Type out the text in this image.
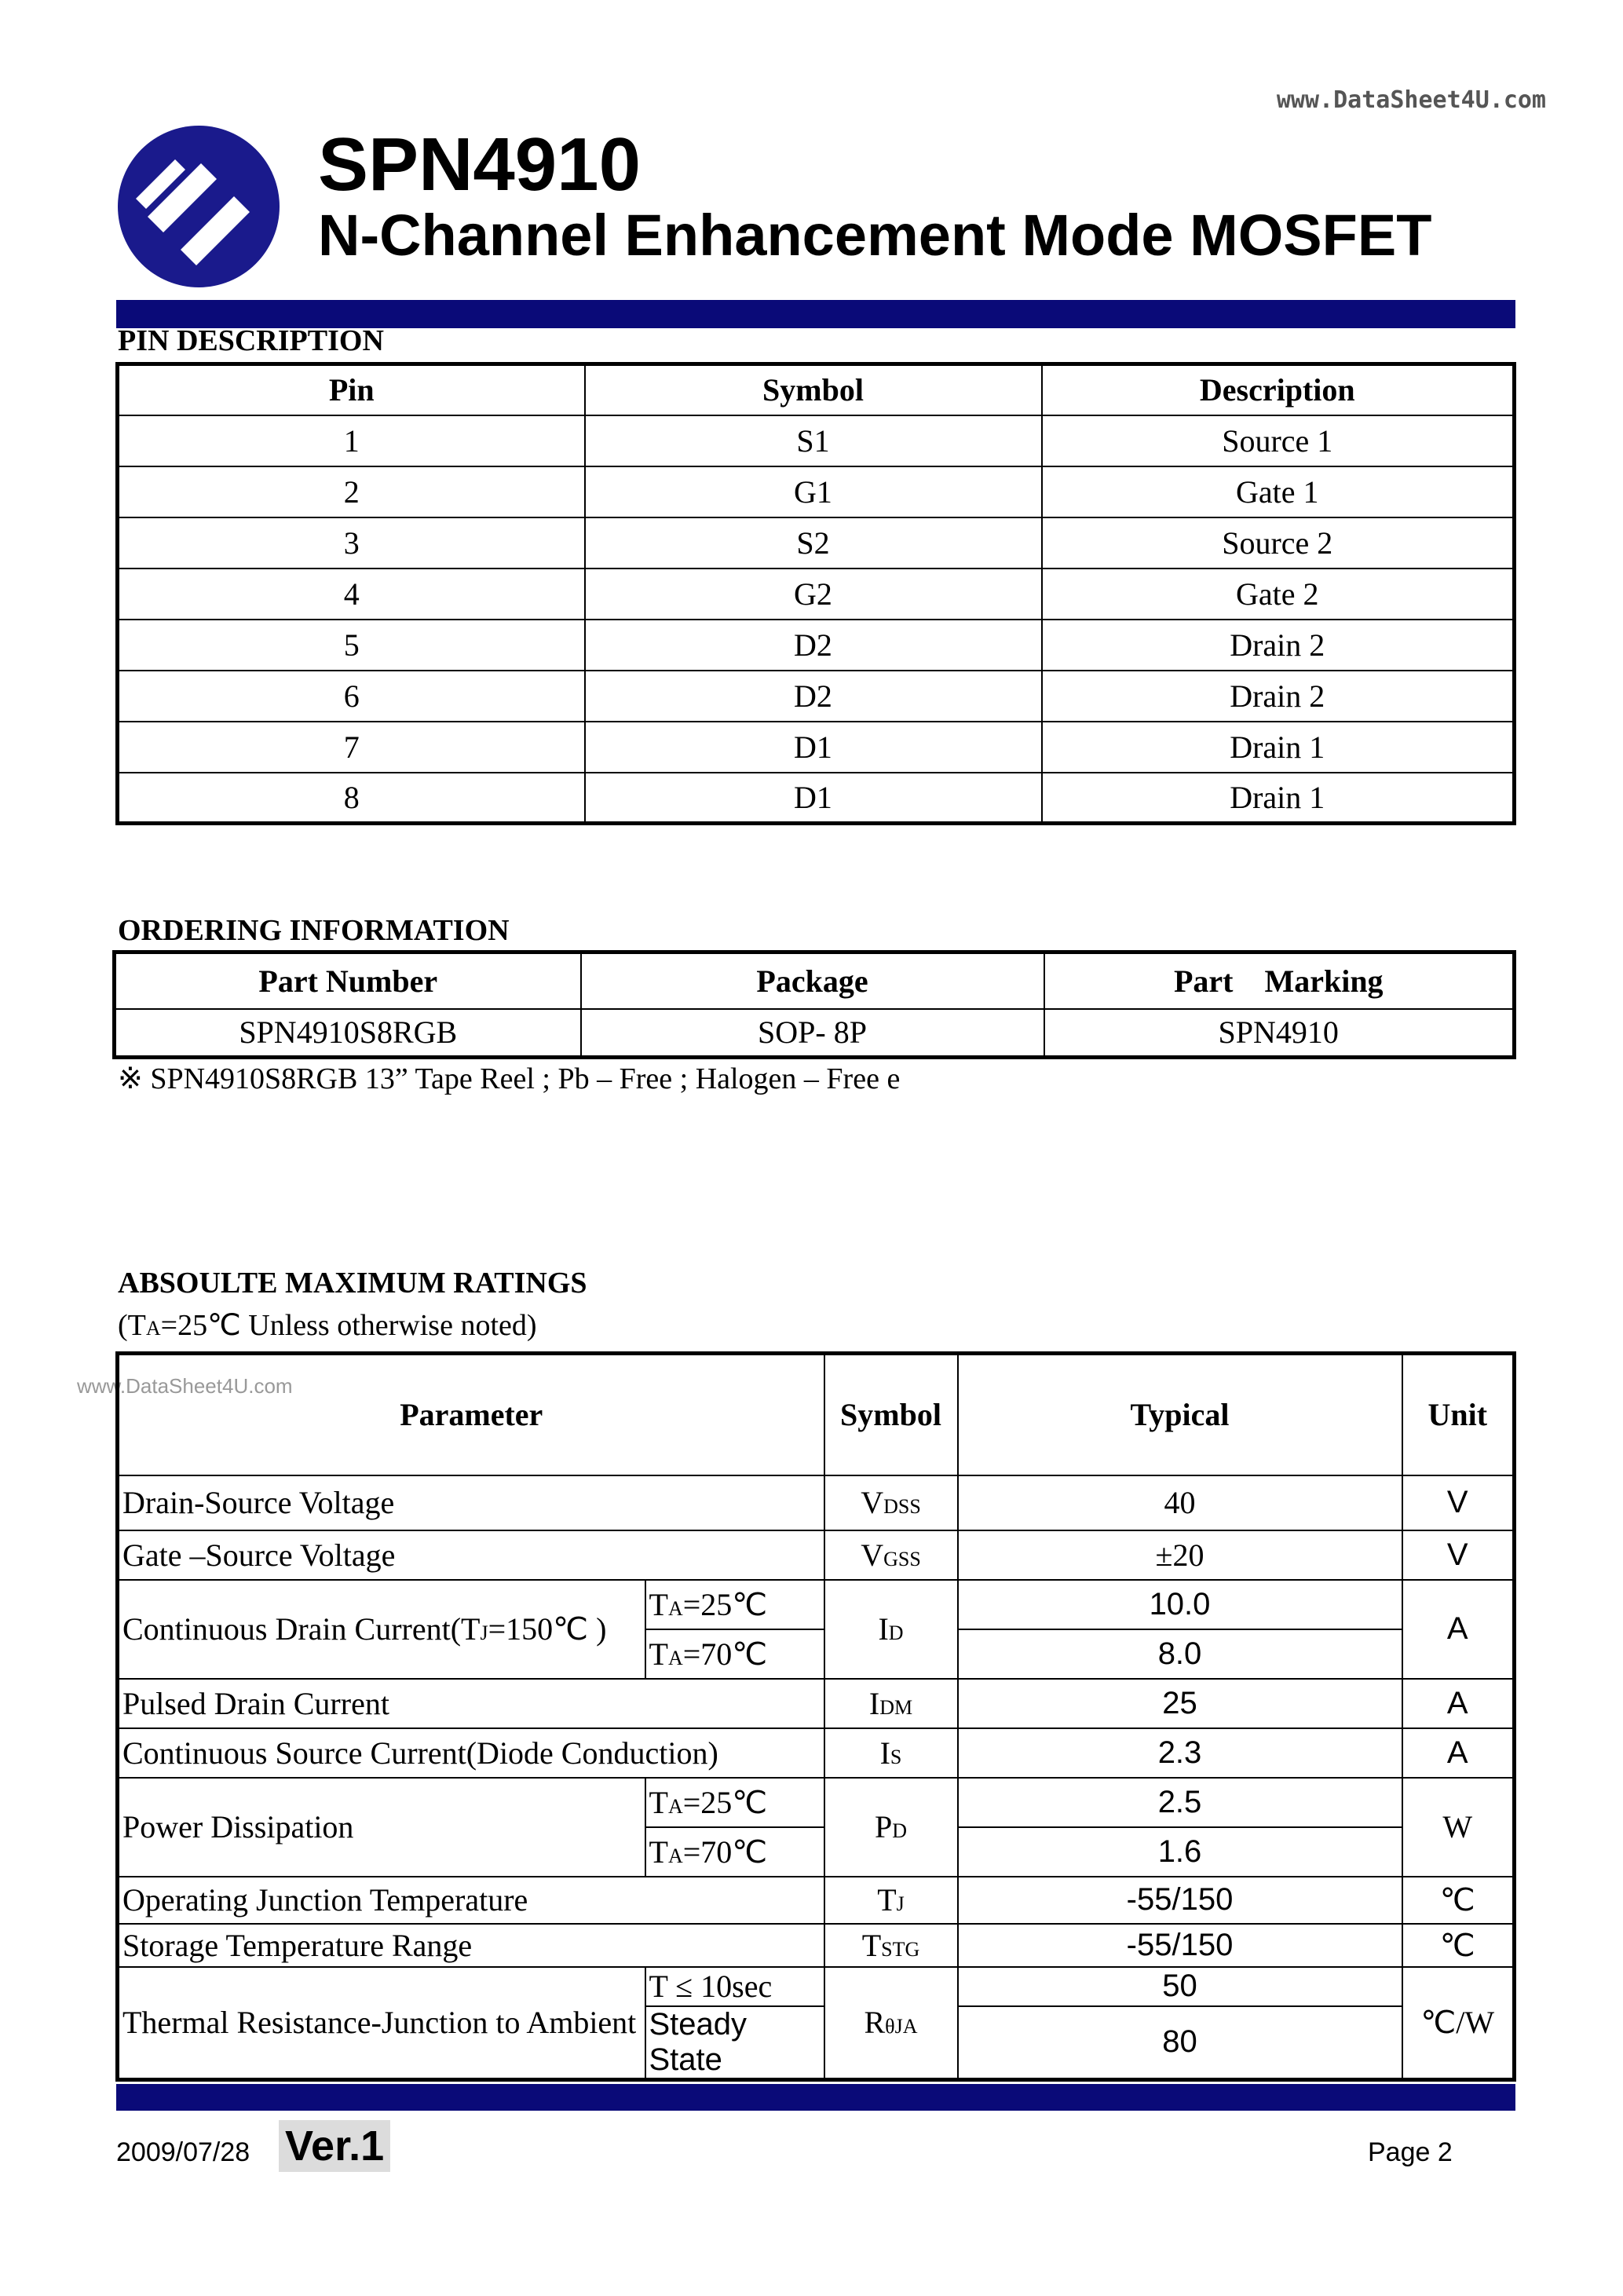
www.DataSheet4U.com
www.DataSheet4U.com
SPN4910
N-Channel Enhancement Mode MOSFET
PIN DESCRIPTION
Pin	Symbol	Description
1	S1	Source 1
2	G1	Gate 1
3	S2	Source 2
4	G2	Gate 2
5	D2	Drain 2
6	D2	Drain 2
7	D1	Drain 1
8	D1	Drain 1
ORDERING INFORMATION
Part Number	Package	Part    Marking
SPN4910S8RGB	SOP- 8P	SPN4910
※ SPN4910S8RGB 13” Tape Reel ; Pb – Free ; Halogen – Free e
ABSOULTE MAXIMUM RATINGS
(TA=25℃ Unless otherwise noted)
Parameter		Symbol	Typical	Unit
Drain-Source Voltage		VDSS	40	V
Gate –Source Voltage		VGSS	±20	V
Continuous Drain Current(TJ=150℃ )	TA=25℃	ID	10.0	A
	TA=70℃		8.0	
Pulsed Drain Current		IDM	25	A
Continuous Source Current(Diode Conduction)		IS	2.3	A
Power Dissipation	TA=25℃	PD	2.5	W
	TA=70℃		1.6	
Operating Junction Temperature		TJ	-55/150	℃
Storage Temperature Range		TSTG	-55/150	℃
Thermal Resistance-Junction to Ambient	T ≤ 10sec	RθJA	50	℃/W
	Steady State		80	
2009/07/28 Ver.1	Page 2
